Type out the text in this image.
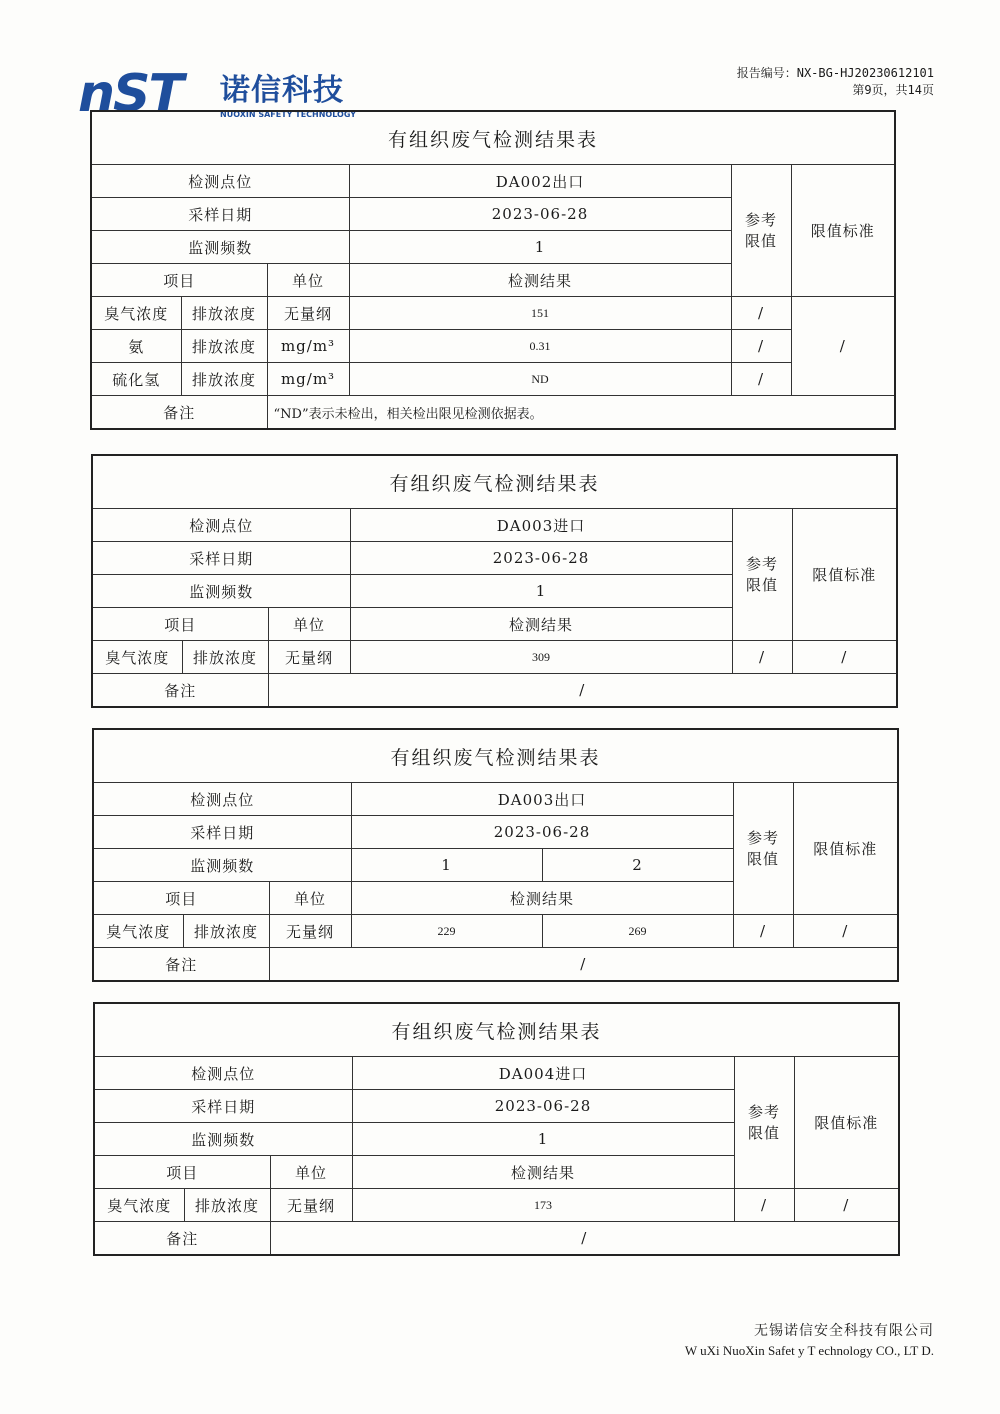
nST 诺信科技
NUOXIN SAFETY TECHNOLOGY
报告编号：NX-BG-HJ20230612101
第9页，共14页
有组织废气检测结果表					
检测点位			DA002出口	参考
限值	限值标准
采样日期			2023-06-28		
监测频数			1		
项目		单位	检测结果		
臭气浓度	排放浓度	无量纲	151	/	/
氨	排放浓度	mg/m³	0.31	/	
硫化氢	排放浓度	mg/m³	ND	/	
备注		“ND”表示未检出，相关检出限见检测依据表。			
有组织废气检测结果表					
检测点位			DA003进口	参考
限值	限值标准
采样日期			2023-06-28		
监测频数			1		
项目		单位	检测结果		
臭气浓度	排放浓度	无量纲	309	/	/
备注		/			
有组织废气检测结果表						
检测点位			DA003出口		参考
限值	限值标准
采样日期			2023-06-28			
监测频数			1	2		
项目		单位	检测结果			
臭气浓度	排放浓度	无量纲	229	269	/	/
备注		/				
有组织废气检测结果表					
检测点位			DA004进口	参考
限值	限值标准
采样日期			2023-06-28		
监测频数			1		
项目		单位	检测结果		
臭气浓度	排放浓度	无量纲	173	/	/
备注		/			
无锡诺信安全科技有限公司
W uXi NuoXin Safet y T echnology CO., LT D.
